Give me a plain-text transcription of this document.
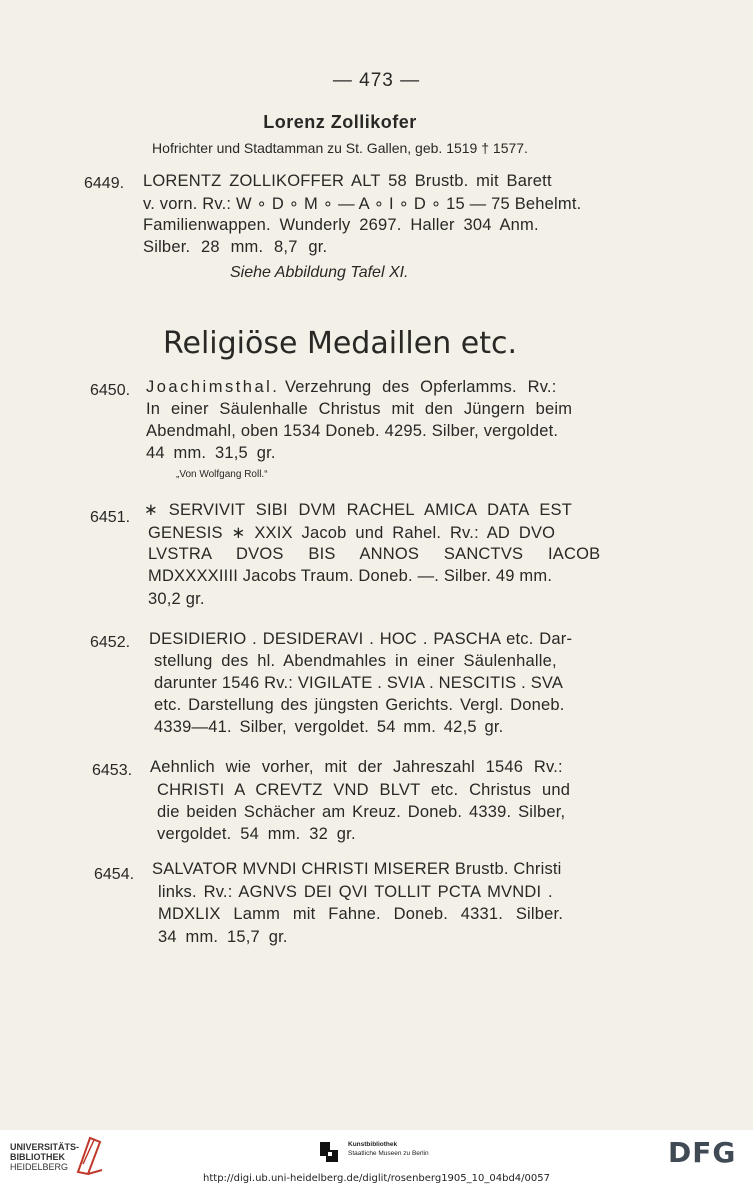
— 473 —
Lorenz Zollikofer
Hofrichter und Stadtamman zu St. Gallen, geb. 1519 † 1577.
6449. LORENTZ ZOLLIKOFFER ALT 58 Brustb. mit Barett
v. vorn. Rv.: W ∘ D ∘ M ∘ — A ∘ I ∘ D ∘ 15 — 75 Behelmt.
Familienwappen. Wunderly 2697. Haller 304 Anm.
Silber. 28 mm. 8,7 gr.
Siehe Abbildung Tafel XI.
Religiöse Medaillen etc.
6450. Joachimsthal. Verzehrung des Opferlamms. Rv.:
In einer Säulenhalle Christus mit den Jüngern beim
Abendmahl, oben 1534 Doneb. 4295. Silber, vergoldet.
44 mm. 31,5 gr.
„Von Wolfgang Roll.“
6451. ∗ SERVIVIT SIBI DVM RACHEL AMICA DATA EST
GENESIS ∗ XXIX Jacob und Rahel. Rv.: AD DVO
LVSTRA DVOS BIS ANNOS SANCTVS IACOB
MDXXXXIIII Jacobs Traum. Doneb. —. Silber. 49 mm.
30,2 gr.
6452. DESIDIERIO . DESIDERAVI . HOC . PASCHA etc. Dar-
stellung des hl. Abendmahles in einer Säulenhalle,
darunter 1546 Rv.: VIGILATE . SVIA . NESCITIS . SVA
etc. Darstellung des jüngsten Gerichts. Vergl. Doneb.
4339—41. Silber, vergoldet. 54 mm. 42,5 gr.
6453. Aehnlich wie vorher, mit der Jahreszahl 1546 Rv.:
CHRISTI A CREVTZ VND BLVT etc. Christus und
die beiden Schächer am Kreuz. Doneb. 4339. Silber,
vergoldet. 54 mm. 32 gr.
6454. SALVATOR MVNDI CHRISTI MISERER Brustb. Christi
links. Rv.: AGNVS DEI QVI TOLLIT PCTA MVNDI .
MDXLIX Lamm mit Fahne. Doneb. 4331. Silber.
34 mm. 15,7 gr.
UNIVERSITÄTS-
BIBLIOTHEK
HEIDELBERG
Kunstbibliothek
Staatliche Museen zu Berlin	DFG
http://digi.ub.uni-heidelberg.de/diglit/rosenberg1905_10_04bd4/0057
